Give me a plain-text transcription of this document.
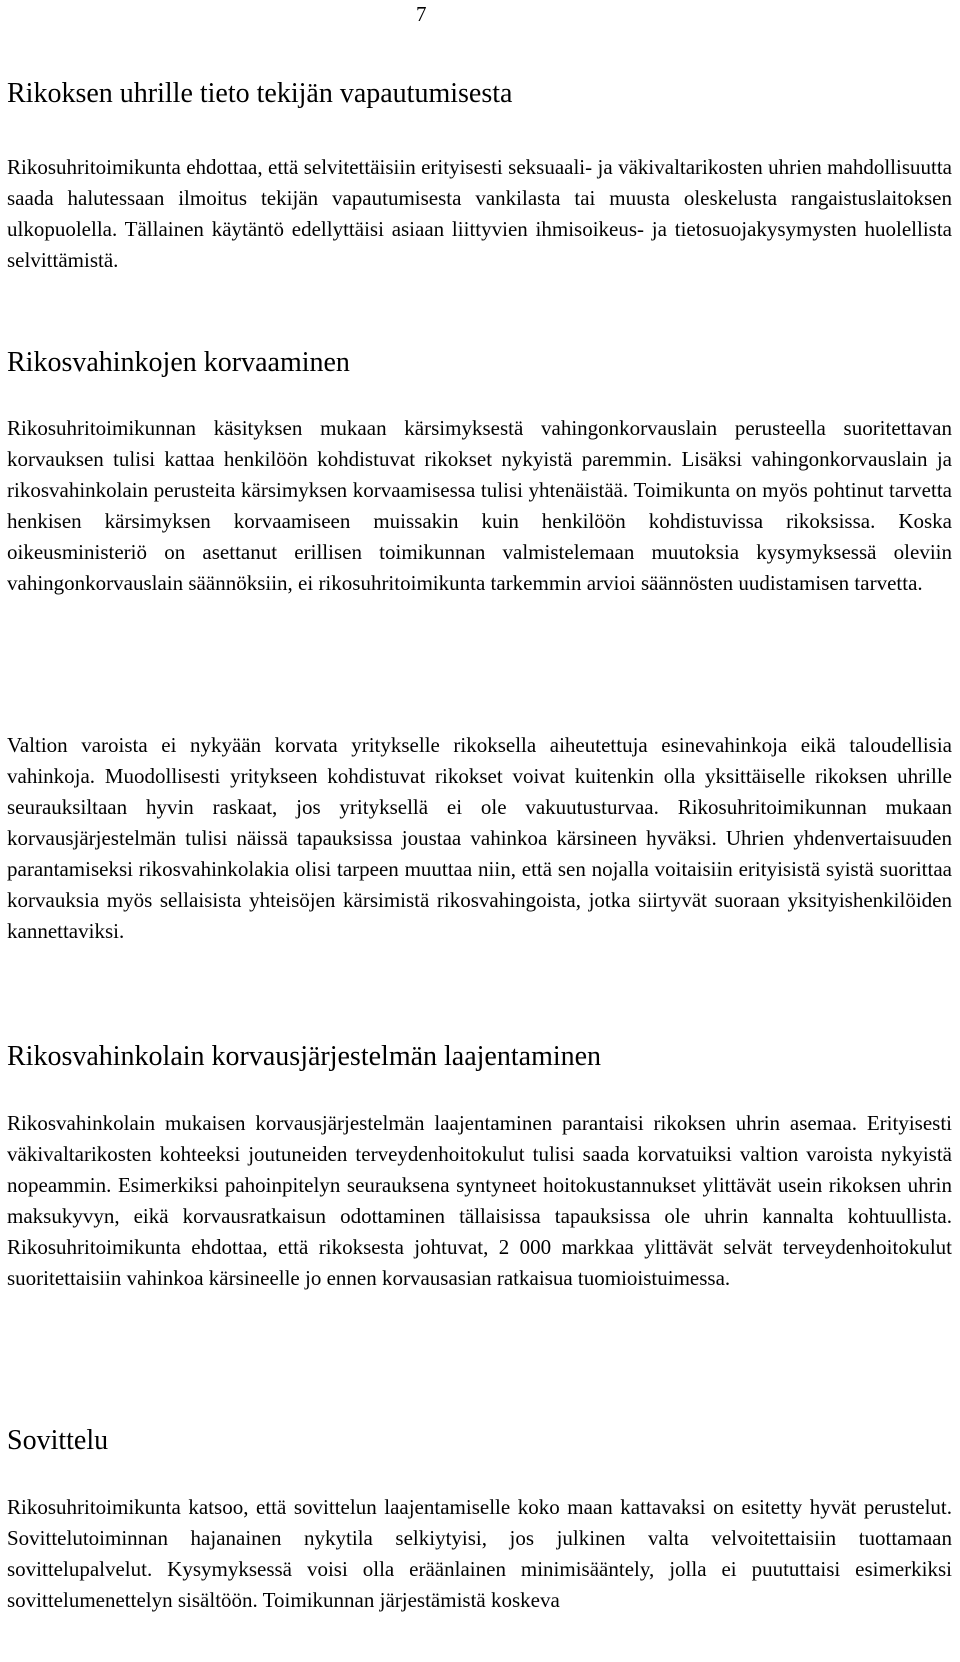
7
Rikoksen uhrille tieto tekijän vapautumisesta

Rikosuhritoimikunta ehdottaa, että selvitettäisiin erityisesti seksuaali- ja väkivaltarikosten uhrien mahdollisuutta saada halutessaan ilmoitus tekijän vapautumisesta vankilasta tai muusta oleskelusta rangaistuslaitoksen ulkopuolella. Tällainen käytäntö edellyttäisi asiaan liittyvien ihmisoikeus- ja tietosuojakysymysten huolellista selvittämistä.

Rikosvahinkojen korvaaminen

Rikosuhritoimikunnan käsityksen mukaan kärsimyksestä vahingonkorvauslain perusteella suoritettavan korvauksen tulisi kattaa henkilöön kohdistuvat rikokset nykyistä paremmin. Lisäksi vahingonkorvauslain ja rikosvahinkolain perusteita kärsimyksen korvaamisessa tulisi yhtenäistää. Toimikunta on myös pohtinut tarvetta henkisen kärsimyksen korvaamiseen muissakin kuin henkilöön kohdistuvissa rikoksissa. Koska oikeusministeriö on asettanut erillisen toimikunnan valmistelemaan muutoksia kysymyksessä oleviin vahingonkorvauslain säännöksiin, ei rikosuhritoimikunta tarkemmin arvioi säännösten uudistamisen tarvetta.

Valtion varoista ei nykyään korvata yritykselle rikoksella aiheutettuja esinevahinkoja eikä taloudellisia vahinkoja. Muodollisesti yritykseen kohdistuvat rikokset voivat kuitenkin olla yksittäiselle rikoksen uhrille seurauksiltaan hyvin raskaat, jos yrityksellä ei ole vakuutusturvaa. Rikosuhritoimikunnan mukaan korvausjärjestelmän tulisi näissä tapauksissa joustaa vahinkoa kärsineen hyväksi. Uhrien yhdenvertaisuuden parantamiseksi rikosvahinkolakia olisi tarpeen muuttaa niin, että sen nojalla voitaisiin erityisistä syistä suorittaa korvauksia myös sellaisista yhteisöjen kärsimistä rikosvahingoista, jotka siirtyvät suoraan yksityishenkilöiden kannettaviksi.

Rikosvahinkolain korvausjärjestelmän laajentaminen

Rikosvahinkolain mukaisen korvausjärjestelmän laajentaminen parantaisi rikoksen uhrin asemaa. Erityisesti väkivaltarikosten kohteeksi joutuneiden terveydenhoitokulut tulisi saada korvatuiksi valtion varoista nykyistä nopeammin. Esimerkiksi pahoinpitelyn seurauksena syntyneet hoitokustannukset ylittävät usein rikoksen uhrin maksukyvyn, eikä korvausratkaisun odottaminen tällaisissa tapauksissa ole uhrin kannalta kohtuullista. Rikosuhritoimikunta ehdottaa, että rikoksesta johtuvat, 2 000 markkaa ylittävät selvät terveydenhoitokulut suoritettaisiin vahinkoa kärsineelle jo ennen korvausasian ratkaisua tuomioistuimessa.

Sovittelu

Rikosuhritoimikunta katsoo, että sovittelun laajentamiselle koko maan kattavaksi on esitetty hyvät perustelut. Sovittelutoiminnan hajanainen nykytila selkiytyisi, jos julkinen valta velvoitettaisiin tuottamaan sovittelupalvelut. Kysymyksessä voisi olla eräänlainen minimisääntely, jolla ei puututtaisi esimerkiksi sovittelumenettelyn sisältöön. Toimikunnan järjestämistä koskeva
